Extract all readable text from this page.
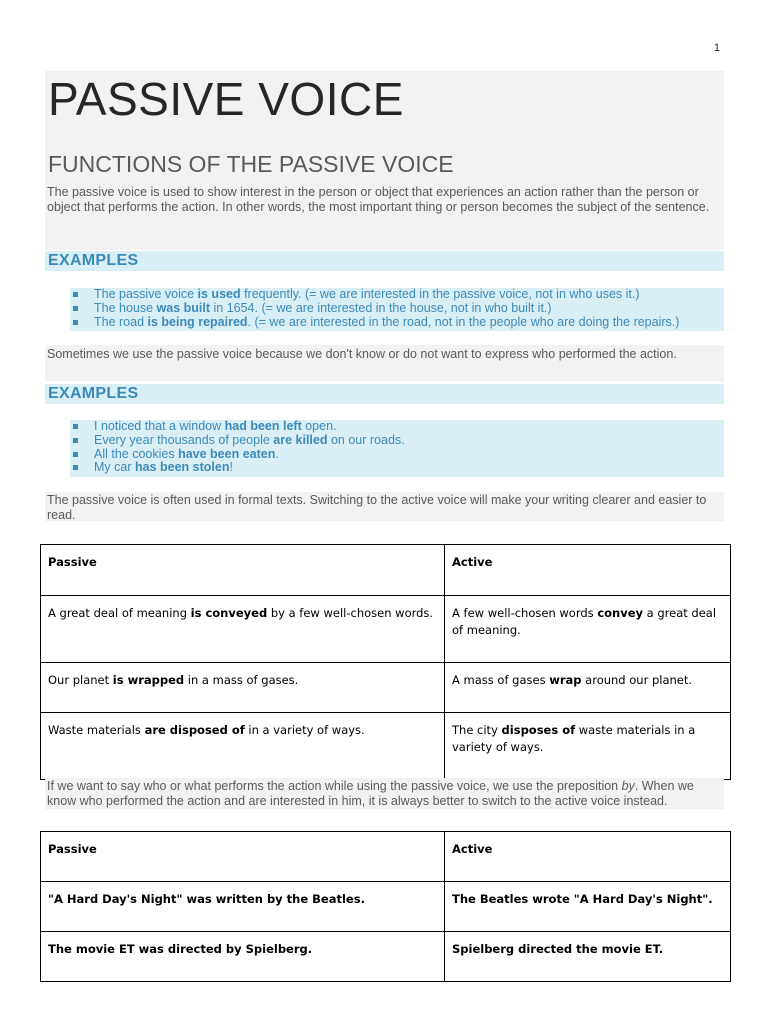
1
PASSIVE VOICE
FUNCTIONS OF THE PASSIVE VOICE
The passive voice is used to show interest in the person or object that experiences an action rather than the person or object that performs the action. In other words, the most important thing or person becomes the subject of the sentence.
EXAMPLES
The passive voice is used frequently. (= we are interested in the passive voice, not in who uses it.)
The house was built in 1654. (= we are interested in the house, not in who built it.)
The road is being repaired. (= we are interested in the road, not in the people who are doing the repairs.)
Sometimes we use the passive voice because we don't know or do not want to express who performed the action.
EXAMPLES
I noticed that a window had been left open.
Every year thousands of people are killed on our roads.
All the cookies have been eaten.
My car has been stolen!
The passive voice is often used in formal texts. Switching to the active voice will make your writing clearer and easier to read.
Passive	Active
A great deal of meaning is conveyed by a few well-chosen words.	A few well-chosen words convey a great deal of meaning.
Our planet is wrapped in a mass of gases.	A mass of gases wrap around our planet.
Waste materials are disposed of in a variety of ways.	The city disposes of waste materials in a variety of ways.
If we want to say who or what performs the action while using the passive voice, we use the preposition by. When we know who performed the action and are interested in him, it is always better to switch to the active voice instead.
Passive	Active
"A Hard Day's Night" was written by the Beatles.	The Beatles wrote "A Hard Day's Night".
The movie ET was directed by Spielberg.	Spielberg directed the movie ET.
